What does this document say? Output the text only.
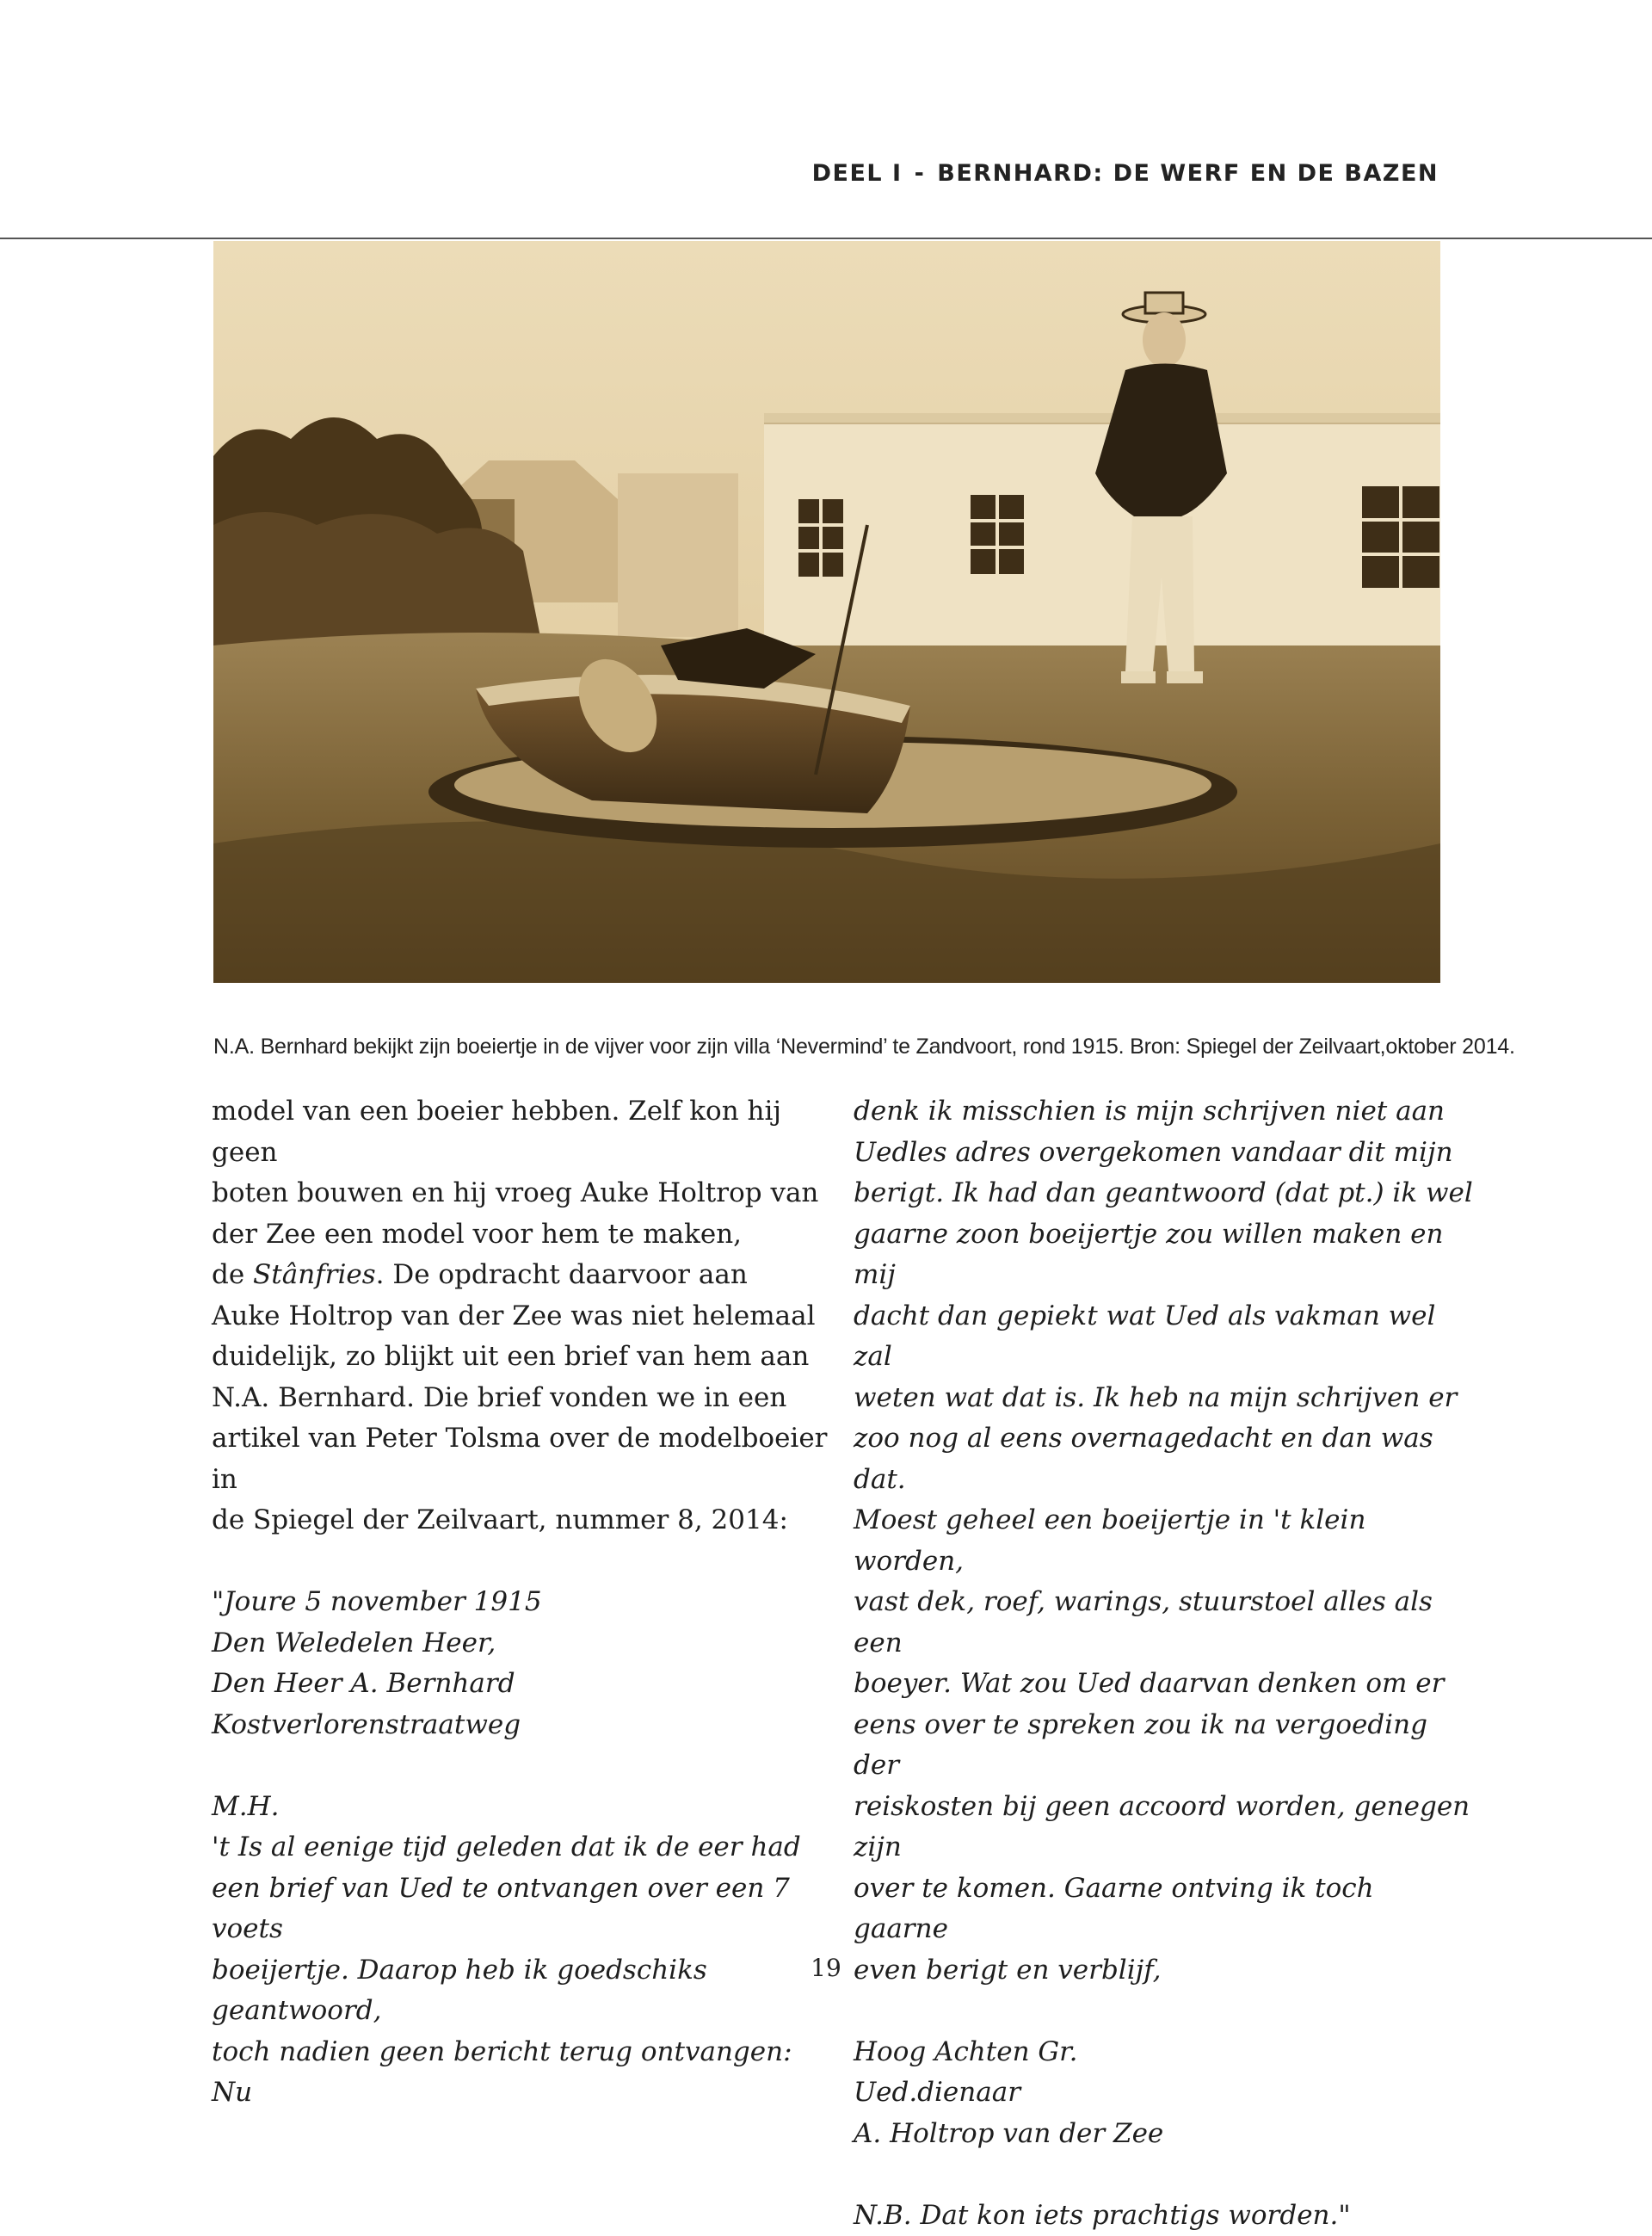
DEEL I - BERNHARD: DE WERF EN DE BAZEN
N.A. Bernhard bekijkt zijn boeiertje in de vijver voor zijn villa ‘Nevermind’ te Zandvoort, rond 1915. Bron: Spiegel der Zeilvaart,oktober 2014.

model van een boeier hebben. Zelf kon hij geen
boten bouwen en hij vroeg Auke Holtrop van
der Zee een model voor hem te maken,
de Stânfries. De opdracht daarvoor aan
Auke Holtrop van der Zee was niet helemaal
duidelijk, zo blijkt uit een brief van hem aan
N.A. Bernhard. Die brief vonden we in een
artikel van Peter Tolsma over de modelboeier in
de Spiegel der Zeilvaart, nummer 8, 2014:

"Joure 5 november 1915
Den Weledelen Heer,
Den Heer A. Bernhard
Kostverlorenstraatweg

M.H.
't Is al eenige tijd geleden dat ik de eer had
een brief van Ued te ontvangen over een 7 voets
boeijertje. Daarop heb ik goedschiks geantwoord,
toch nadien geen bericht terug ontvangen: Nu

denk ik misschien is mijn schrijven niet aan
Uedles adres overgekomen vandaar dit mijn
berigt. Ik had dan geantwoord (dat pt.) ik wel
gaarne zoon boeijertje zou willen maken en mij
dacht dan gepiekt wat Ued als vakman wel zal
weten wat dat is. Ik heb na mijn schrijven er
zoo nog al eens overnagedacht en dan was dat.
Moest geheel een boeijertje in 't klein worden,
vast dek, roef, warings, stuurstoel alles als een
boeyer. Wat zou Ued daarvan denken om er
eens over te spreken zou ik na vergoeding der
reiskosten bij geen accoord worden, genegen zijn
over te komen. Gaarne ontving ik toch gaarne
even berigt en verblijf,

Hoog Achten Gr.
Ued.dienaar
A. Holtrop van der Zee

N.B. Dat kon iets prachtigs worden."

19
